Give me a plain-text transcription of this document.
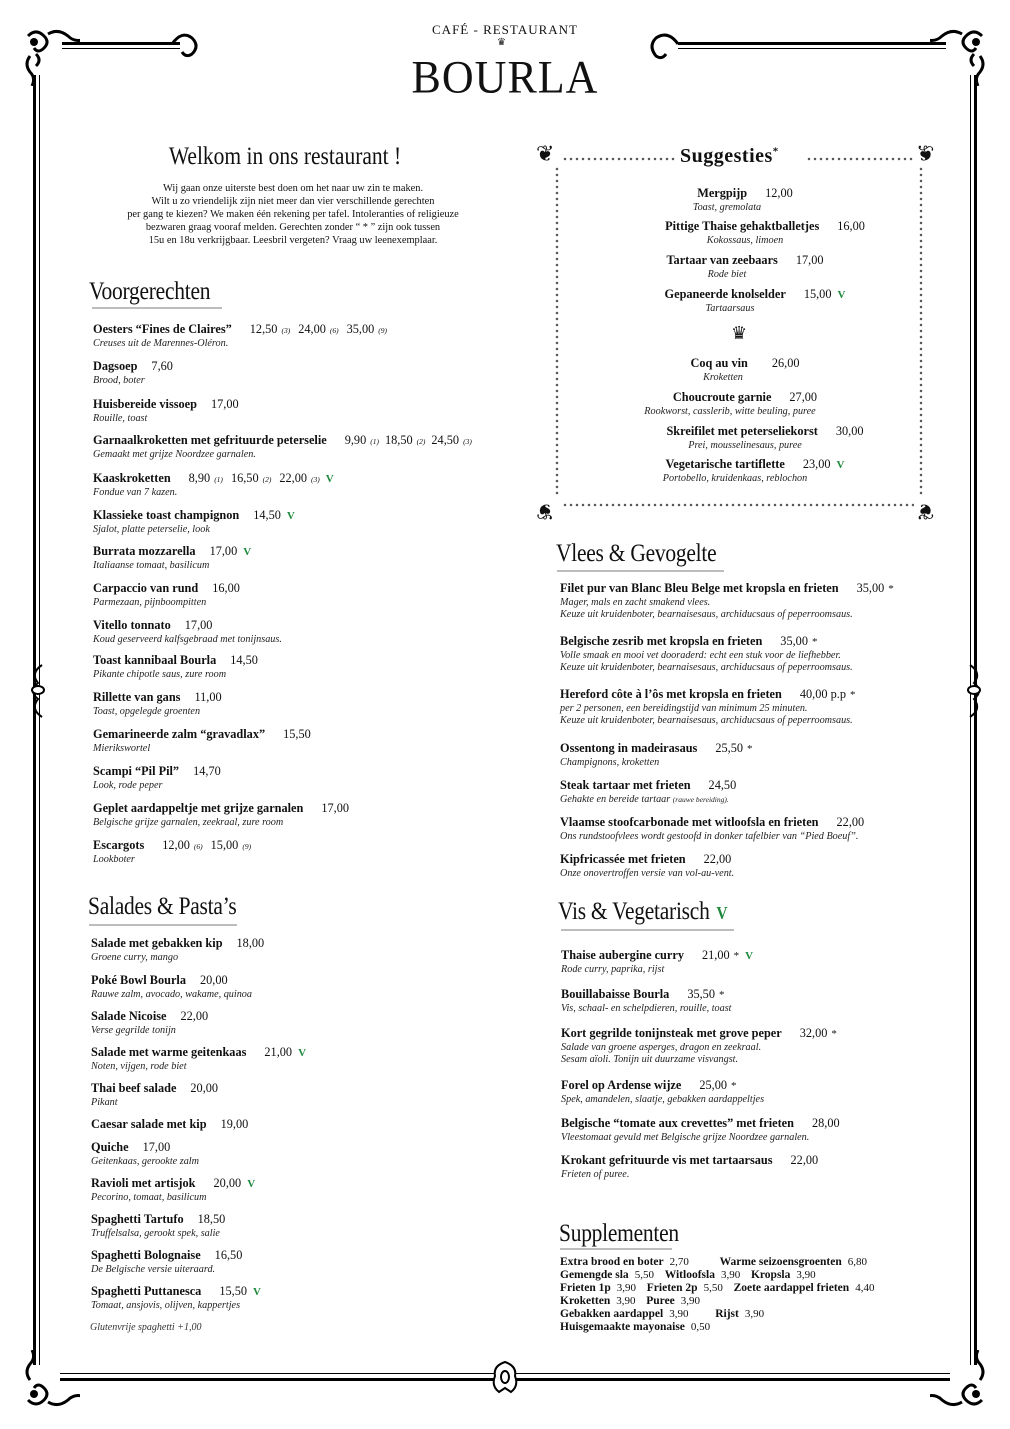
CAFÉ - RESTAURANT
♛
BOURLA
Welkom in ons restaurant !
Wij gaan onze uiterste best doen om het naar uw zin te maken.
Wilt u zo vriendelijk zijn niet meer dan vier verschillende gerechten
per gang te kiezen? We maken één rekening per tafel. Intoleranties of religieuze
bezwaren graag vooraf melden. Gerechten zonder “ * ” zijn ook tussen
15u en 18u verkrijgbaar. Leesbril vergeten? Vraag uw leenexemplaar.
Voorgerechten
Oesters “Fines de Claires” 12,50 (3) 24,00 (6) 35,00 (9)
Creuses uit de Marennes-Oléron.
Dagsoep 7,60
Brood, boter
Huisbereide vissoep 17,00
Rouille, toast
Garnaalkroketten met gefrituurde peterselie 9,90 (1) 18,50 (2) 24,50 (3)
Gemaakt met grijze Noordzee garnalen.
Kaaskroketten 8,90 (1) 16,50 (2) 22,00 (3) V
Fondue van 7 kazen.
Klassieke toast champignon 14,50 V
Sjalot, platte peterselie, look
Burrata mozzarella 17,00 V
Italiaanse tomaat, basilicum
Carpaccio van rund 16,00
Parmezaan, pijnboompitten
Vitello tonnato 17,00
Koud geserveerd kalfsgebraad met tonijnsaus.
Toast kannibaal Bourla 14,50
Pikante chipotle saus, zure room
Rillette van gans 11,00
Toast, opgelegde groenten
Gemarineerde zalm “gravadlax” 15,50
Mierikswortel
Scampi “Pil Pil” 14,70
Look, rode peper
Geplet aardappeltje met grijze garnalen 17,00
Belgische grijze garnalen, zeekraal, zure room
Escargots 12,00 (6) 15,00 (9)
Lookboter
Salades & Pasta’s
Salade met gebakken kip 18,00
Groene curry, mango
Poké Bowl Bourla 20,00
Rauwe zalm, avocado, wakame, quinoa
Salade Nicoise 22,00
Verse gegrilde tonijn
Salade met warme geitenkaas 21,00 V
Noten, vijgen, rode biet
Thai beef salade 20,00
Pikant
Caesar salade met kip 19,00
Quiche 17,00
Geitenkaas, gerookte zalm
Ravioli met artisjok 20,00 V
Pecorino, tomaat, basilicum
Spaghetti Tartufo 18,50
Truffelsalsa, gerookt spek, salie
Spaghetti Bolognaise 16,50
De Belgische versie uiteraard.
Spaghetti Puttanesca 15,50 V
Tomaat, ansjovis, olijven, kappertjes
Glutenvrije spaghetti +1,00
❦	❦
❦	❦
Suggesties*
Mergpijp 12,00
Toast, gremolata
Pittige Thaise gehaktballetjes 16,00
Kokossaus, limoen
Tartaar van zeebaars 17,00
Rode biet
Gepaneerde knolselder 15,00 V
Tartaarsaus
♛
Coq au vin 26,00
Kroketten
Choucroute garnie 27,00
Rookworst, casslerib, witte beuling, puree
Skreifilet met peterseliekorst 30,00
Prei, mousselinesaus, puree
Vegetarische tartiflette 23,00 V
Portobello, kruidenkaas, reblochon
Vlees & Gevogelte
Filet pur van Blanc Bleu Belge met kropsla en frieten 35,00 *
Mager, mals en zacht smakend vlees.
Keuze uit kruidenboter, bearnaisesaus, archiducsaus of peperroomsaus.
Belgische zesrib met kropsla en frieten 35,00 *
Volle smaak en mooi vet dooraderd: echt een stuk voor de liefhebber.
Keuze uit kruidenboter, bearnaisesaus, archiducsaus of peperroomsaus.
Hereford côte à l’ôs met kropsla en frieten 40,00 p.p *
per 2 personen, een bereidingstijd van minimum 25 minuten.
Keuze uit kruidenboter, bearnaisesaus, archiducsaus of peperroomsaus.
Ossentong in madeirasaus 25,50 *
Champignons, kroketten
Steak tartaar met frieten 24,50
Gehakte en bereide tartaar (rauwe bereiding).
Vlaamse stoofcarbonade met witloofsla en frieten 22,00
Ons rundstoofvlees wordt gestoofd in donker tafelbier van “Pied Boeuf”.
Kipfricassée met frieten 22,00
Onze onovertroffen versie van vol-au-vent.
Vis & Vegetarisch V
Thaise aubergine curry 21,00 * V
Rode curry, paprika, rijst
Bouillabaisse Bourla 35,50 *
Vis, schaal- en schelpdieren, rouille, toast
Kort gegrilde tonijnsteak met grove peper 32,00 *
Salade van groene asperges, dragon en zeekraal.
Sesam aïoli. Tonijn uit duurzame visvangst.
Forel op Ardense wijze 25,00 *
Spek, amandelen, slaatje, gebakken aardappeltjes
Belgische “tomate aux crevettes” met frieten 28,00
Vleestomaat gevuld met Belgische grijze Noordzee garnalen.
Krokant gefrituurde vis met tartaarsaus 22,00
Frieten of puree.
Supplementen
Extra brood en boter 2,70	Warme seizoensgroenten 6,80
Gemengde sla 5,50 Witloofsla 3,90 Kropsla 3,90
Frieten 1p 3,90 Frieten 2p 5,50 Zoete aardappel frieten 4,40
Kroketten 3,90 Puree 3,90
Gebakken aardappel 3,90 Rijst 3,90
Huisgemaakte mayonaise 0,50
